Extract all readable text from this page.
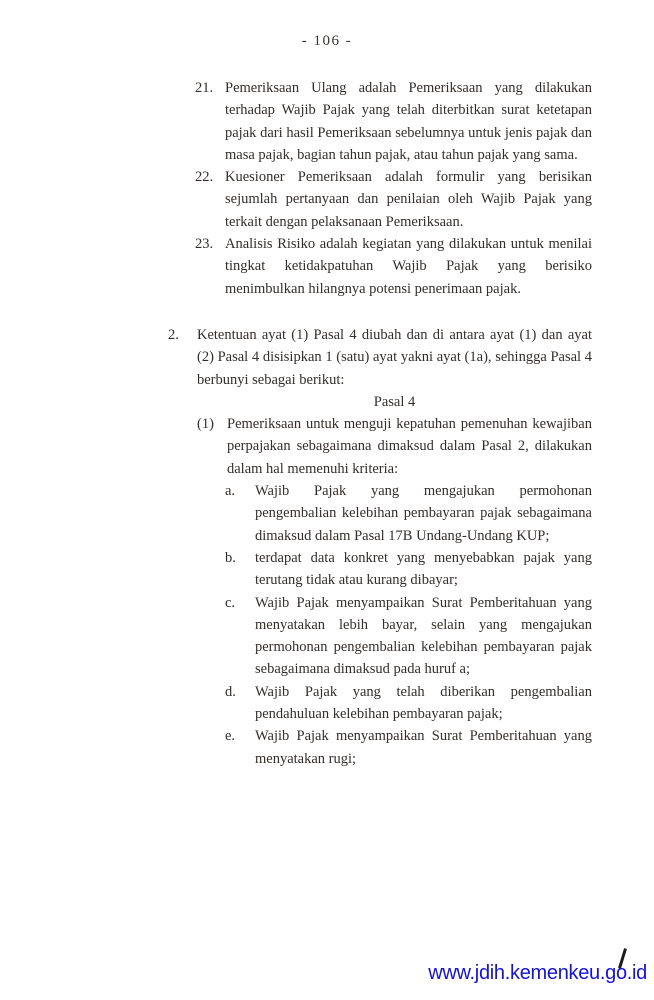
- 106 -
21. Pemeriksaan Ulang adalah Pemeriksaan yang dilakukan terhadap Wajib Pajak yang telah diterbitkan surat ketetapan pajak dari hasil Pemeriksaan sebelumnya untuk jenis pajak dan masa pajak, bagian tahun pajak, atau tahun pajak yang sama.
22. Kuesioner Pemeriksaan adalah formulir yang berisikan sejumlah pertanyaan dan penilaian oleh Wajib Pajak yang terkait dengan pelaksanaan Pemeriksaan.
23. Analisis Risiko adalah kegiatan yang dilakukan untuk menilai tingkat ketidakpatuhan Wajib Pajak yang berisiko menimbulkan hilangnya potensi penerimaan pajak.
2.	Ketentuan ayat (1) Pasal 4 diubah dan di antara ayat (1) dan ayat (2) Pasal 4 disisipkan 1 (satu) ayat yakni ayat (1a), sehingga Pasal 4 berbunyi sebagai berikut:
Pasal 4
(1) Pemeriksaan untuk menguji kepatuhan pemenuhan kewajiban perpajakan sebagaimana dimaksud dalam Pasal 2, dilakukan dalam hal memenuhi kriteria:
a.	Wajib Pajak yang mengajukan permohonan pengembalian kelebihan pembayaran pajak sebagaimana dimaksud dalam Pasal 17B Undang-Undang KUP;
b.	terdapat data konkret yang menyebabkan pajak yang terutang tidak atau kurang dibayar;
c.	Wajib Pajak menyampaikan Surat Pemberitahuan yang menyatakan lebih bayar, selain yang mengajukan permohonan pengembalian kelebihan pembayaran pajak sebagaimana dimaksud pada huruf a;
d.	Wajib Pajak yang telah diberikan pengembalian pendahuluan kelebihan pembayaran pajak;
e.	Wajib Pajak menyampaikan Surat Pemberitahuan yang menyatakan rugi;
www.jdih.kemenkeu.go.id
